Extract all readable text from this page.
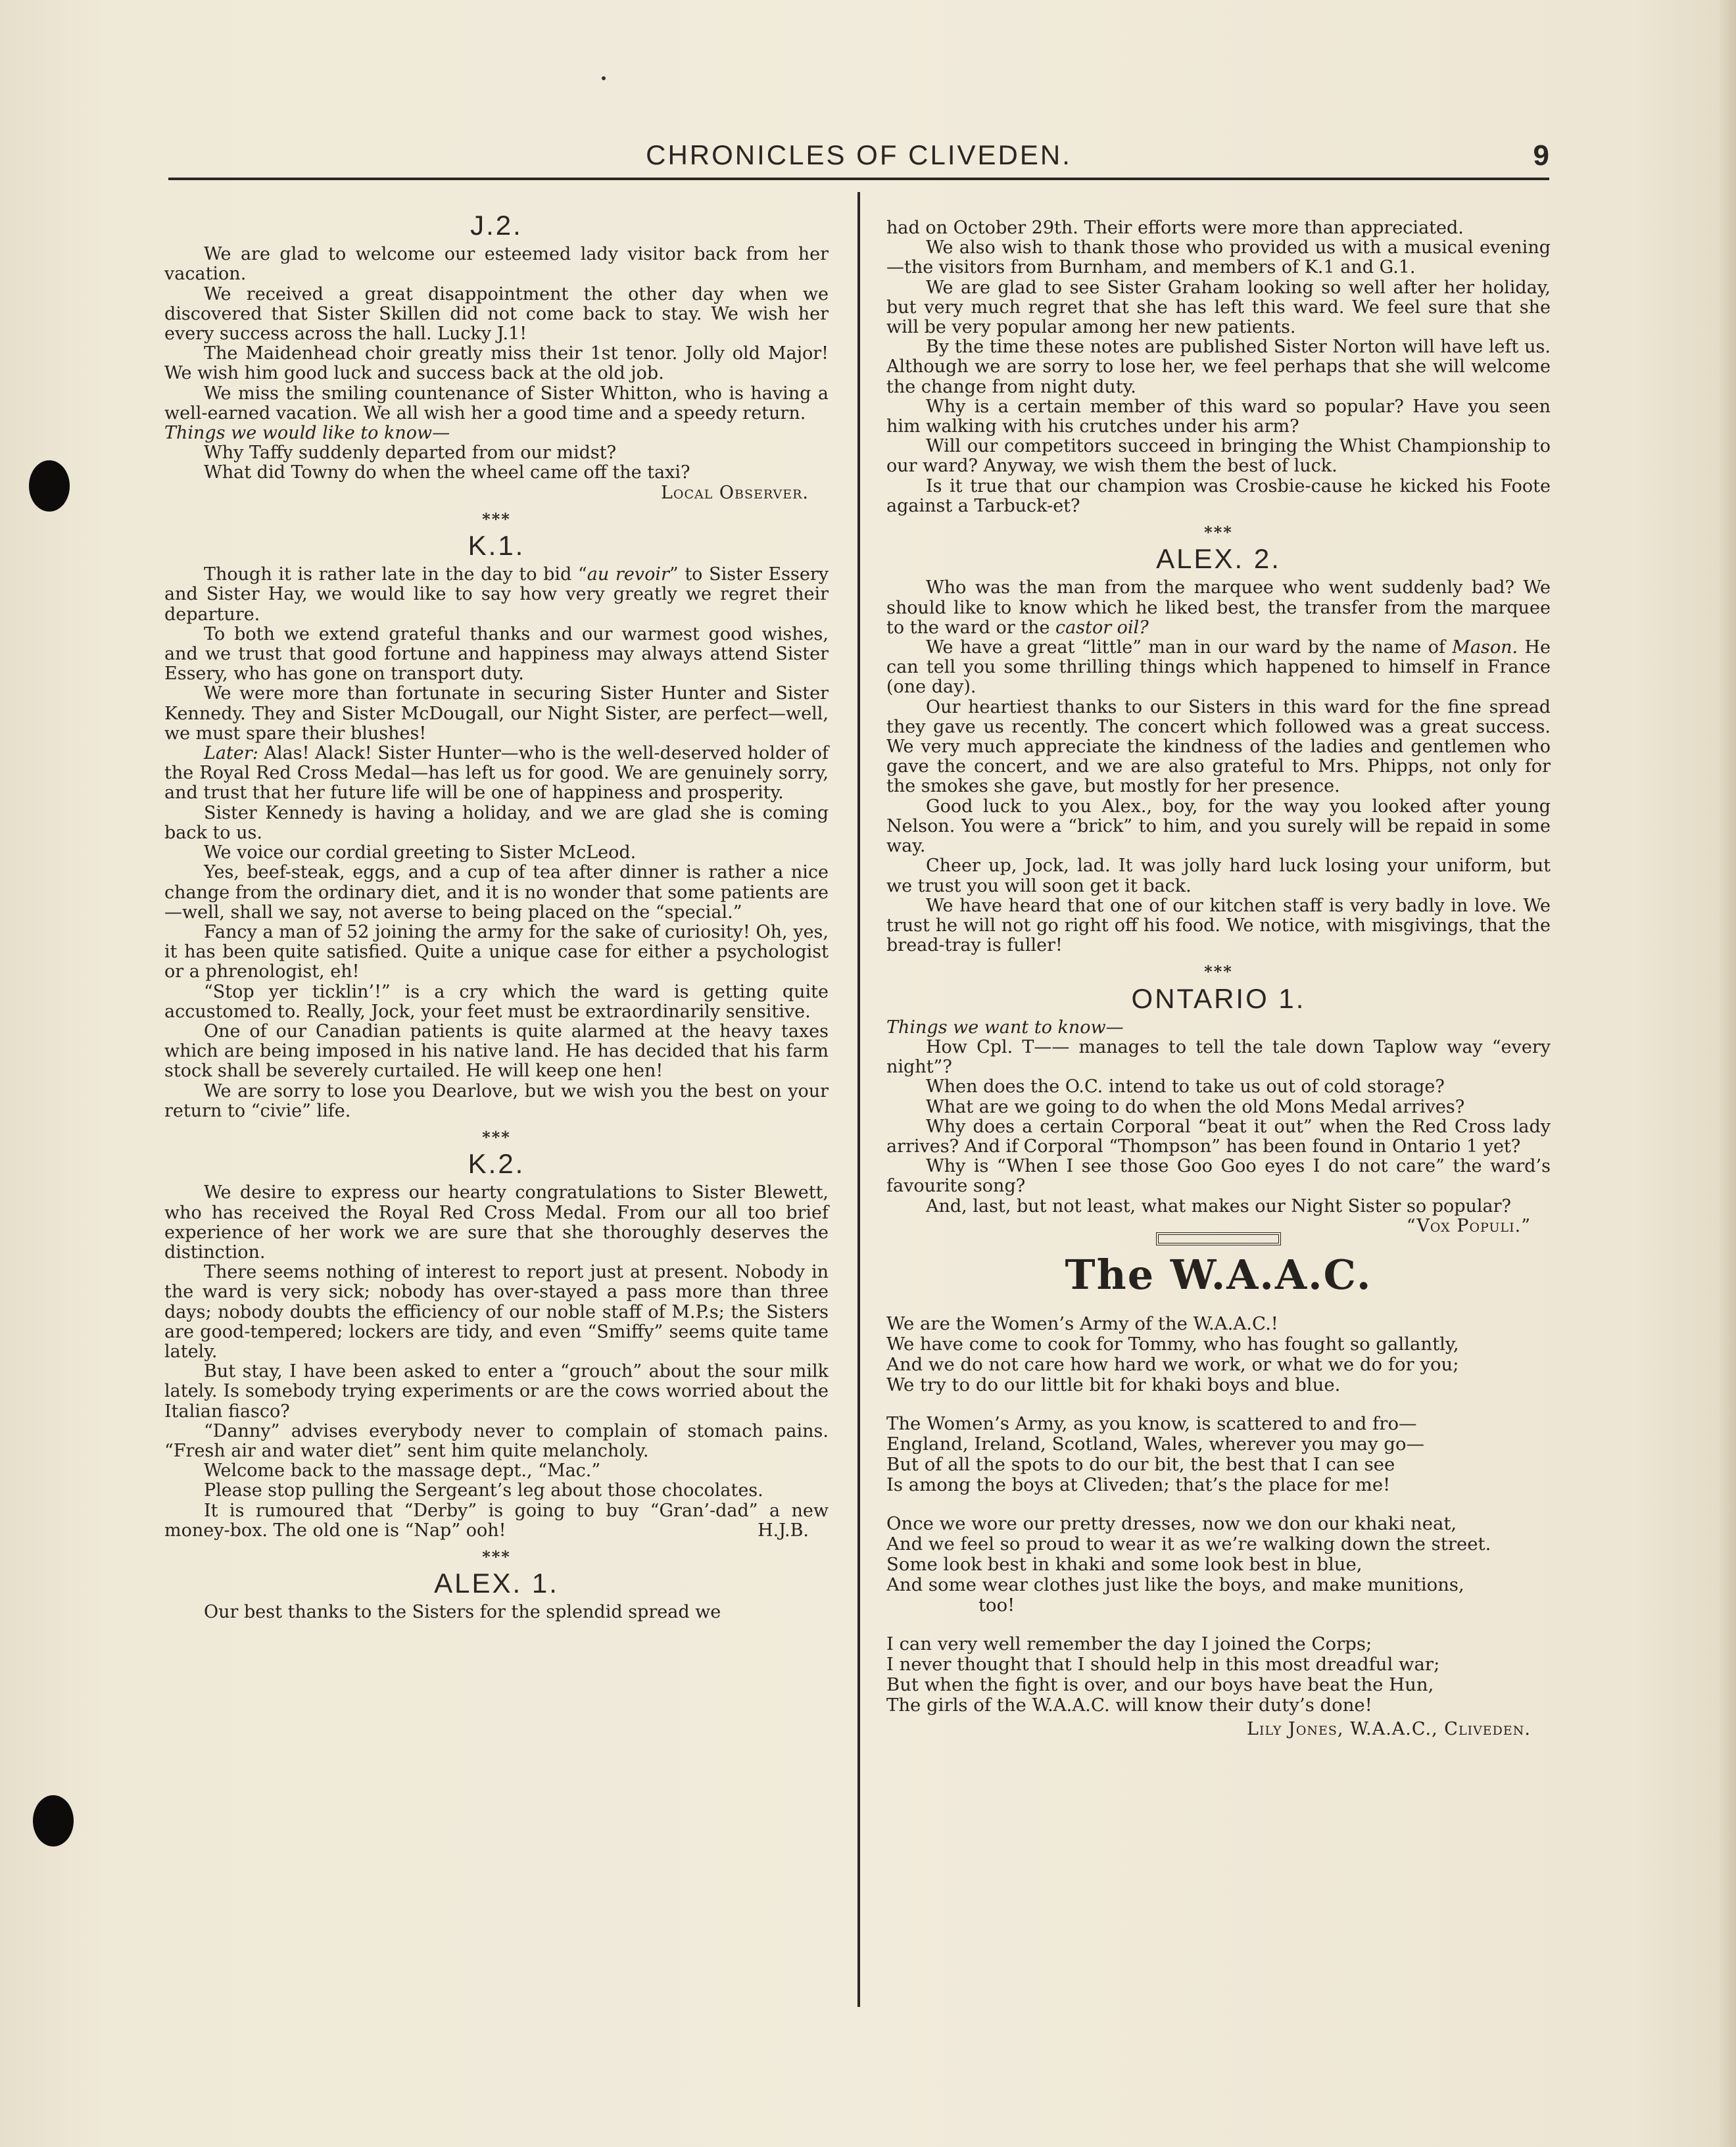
CHRONICLES OF CLIVEDEN.	9
J.2.

We are glad to welcome our esteemed lady visitor back from her vacation.

We received a great disappointment the other day when we discovered that Sister Skillen did not come back to stay. We wish her every success across the hall. Lucky J.1!

The Maidenhead choir greatly miss their 1st tenor. Jolly old Major! We wish him good luck and success back at the old job.

We miss the smiling countenance of Sister Whitton, who is having a well-earned vacation. We all wish her a good time and a speedy return.

Things we would like to know—

Why Taffy suddenly departed from our midst?

What did Towny do when the wheel came off the taxi?

Local Observer.

***
K.1.

Though it is rather late in the day to bid “au revoir” to Sister Essery and Sister Hay, we would like to say how very greatly we regret their departure.

To both we extend grateful thanks and our warmest good wishes, and we trust that good fortune and happiness may always attend Sister Essery, who has gone on transport duty.

We were more than fortunate in securing Sister Hunter and Sister Kennedy. They and Sister McDougall, our Night Sister, are perfect—well, we must spare their blushes!

Later: Alas! Alack! Sister Hunter—who is the well-deserved holder of the Royal Red Cross Medal—has left us for good. We are genuinely sorry, and trust that her future life will be one of happiness and prosperity.

Sister Kennedy is having a holiday, and we are glad she is coming back to us.

We voice our cordial greeting to Sister McLeod.

Yes, beef-steak, eggs, and a cup of tea after dinner is rather a nice change from the ordinary diet, and it is no wonder that some patients are—well, shall we say, not averse to being placed on the “special.”

Fancy a man of 52 joining the army for the sake of curiosity! Oh, yes, it has been quite satisfied. Quite a unique case for either a psychologist or a phrenologist, eh!

“Stop yer ticklin’!” is a cry which the ward is getting quite accustomed to. Really, Jock, your feet must be extraordinarily sensitive.

One of our Canadian patients is quite alarmed at the heavy taxes which are being imposed in his native land. He has decided that his farm stock shall be severely curtailed. He will keep one hen!

We are sorry to lose you Dearlove, but we wish you the best on your return to “civie” life.

***
K.2.

We desire to express our hearty congratulations to Sister Blewett, who has received the Royal Red Cross Medal. From our all too brief experience of her work we are sure that she thoroughly deserves the distinction.

There seems nothing of interest to report just at present. Nobody in the ward is very sick; nobody has over-stayed a pass more than three days; nobody doubts the efficiency of our noble staff of M.P.s; the Sisters are good-tempered; lockers are tidy, and even “Smiffy” seems quite tame lately.

But stay, I have been asked to enter a “grouch” about the sour milk lately. Is somebody trying experiments or are the cows worried about the Italian fiasco?

“Danny” advises everybody never to complain of stomach pains. “Fresh air and water diet” sent him quite melancholy.

Welcome back to the massage dept., “Mac.”

Please stop pulling the Sergeant’s leg about those chocolates.

It is rumoured that “Derby” is going to buy “Gran’-dad” a new money-box. The old one is “Nap” ooh!	H.J.B.

***
ALEX. 1.

Our best thanks to the Sisters for the splendid spread we

had on October 29th. Their efforts were more than appreciated.

We also wish to thank those who provided us with a musical evening—the visitors from Burnham, and members of K.1 and G.1.

We are glad to see Sister Graham looking so well after her holiday, but very much regret that she has left this ward. We feel sure that she will be very popular among her new patients.

By the time these notes are published Sister Norton will have left us. Although we are sorry to lose her, we feel perhaps that she will welcome the change from night duty.

Why is a certain member of this ward so popular? Have you seen him walking with his crutches under his arm?

Will our competitors succeed in bringing the Whist Championship to our ward? Anyway, we wish them the best of luck.

Is it true that our champion was Crosbie-cause he kicked his Foote against a Tarbuck-et?

***
ALEX. 2.

Who was the man from the marquee who went suddenly bad? We should like to know which he liked best, the transfer from the marquee to the ward or the castor oil?

We have a great “little” man in our ward by the name of Mason. He can tell you some thrilling things which happened to himself in France (one day).

Our heartiest thanks to our Sisters in this ward for the fine spread they gave us recently. The concert which followed was a great success. We very much appreciate the kindness of the ladies and gentlemen who gave the concert, and we are also grateful to Mrs. Phipps, not only for the smokes she gave, but mostly for her presence.

Good luck to you Alex., boy, for the way you looked after young Nelson. You were a “brick” to him, and you surely will be repaid in some way.

Cheer up, Jock, lad. It was jolly hard luck losing your uniform, but we trust you will soon get it back.

We have heard that one of our kitchen staff is very badly in love. We trust he will not go right off his food. We notice, with misgivings, that the bread-tray is fuller!

***
ONTARIO 1.

Things we want to know—

How Cpl. T—— manages to tell the tale down Taplow way “every night”?

When does the O.C. intend to take us out of cold storage?

What are we going to do when the old Mons Medal arrives?

Why does a certain Corporal “beat it out” when the Red Cross lady arrives? And if Corporal “Thompson” has been found in Ontario 1 yet?

Why is “When I see those Goo Goo eyes I do not care” the ward’s favourite song?

And, last, but not least, what makes our Night Sister so popular?
“Vox Populi.”

The W.A.A.C.

We are the Women’s Army of the W.A.A.C.!

We have come to cook for Tommy, who has fought so gallantly,

And we do not care how hard we work, or what we do for you;

We try to do our little bit for khaki boys and blue.

The Women’s Army, as you know, is scattered to and fro—

England, Ireland, Scotland, Wales, wherever you may go—

But of all the spots to do our bit, the best that I can see

Is among the boys at Cliveden; that’s the place for me!

Once we wore our pretty dresses, now we don our khaki neat,

And we feel so proud to wear it as we’re walking down the street.

Some look best in khaki and some look best in blue,

And some wear clothes just like the boys, and make munitions,

too!

I can very well remember the day I joined the Corps;

I never thought that I should help in this most dreadful war;

But when the fight is over, and our boys have beat the Hun,

The girls of the W.A.A.C. will know their duty’s done!

Lily Jones, W.A.A.C., Cliveden.
